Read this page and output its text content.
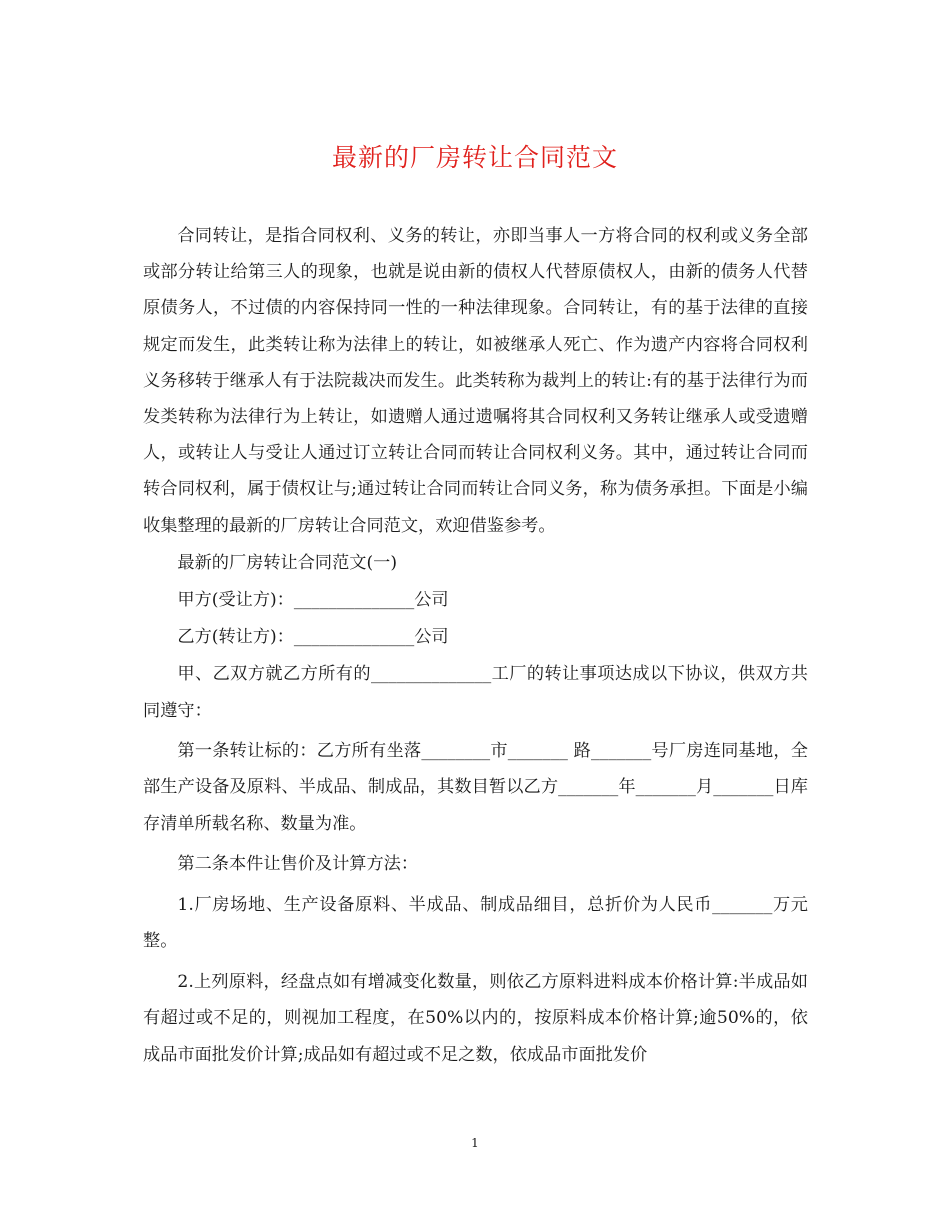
最新的厂房转让合同范文

合同转让，是指合同权利、义务的转让，亦即当事人一方将合同的权利或义务全部或部分转让给第三人的现象，也就是说由新的债权人代替原债权人，由新的债务人代替原债务人，不过债的内容保持同一性的一种法律现象。合同转让，有的基于法律的直接规定而发生，此类转让称为法律上的转让，如被继承人死亡、作为遗产内容将合同权利义务移转于继承人有于法院裁决而发生。此类转称为裁判上的转让:有的基于法律行为而发类转称为法律行为上转让，如遗赠人通过遗嘱将其合同权利又务转让继承人或受遗赠人，或转让人与受让人通过订立转让合同而转让合同权利义务。其中，通过转让合同而转合同权利，属于债权让与;通过转让合同而转让合同义务，称为债务承担。下面是小编收集整理的最新的厂房转让合同范文，欢迎借鉴参考。

最新的厂房转让合同范文(一)

甲方(受让方)：______________公司

乙方(转让方)：______________公司

甲、乙双方就乙方所有的______________工厂的转让事项达成以下协议，供双方共同遵守：

第一条转让标的：乙方所有坐落________市_______ 路_______号厂房连同基地，全部生产设备及原料、半成品、制成品，其数目暂以乙方_______年_______月_______日库存清单所载名称、数量为准。

第二条本件让售价及计算方法：

1.厂房场地、生产设备原料、半成品、制成品细目，总折价为人民币_______万元整。

2.上列原料，经盘点如有增减变化数量，则依乙方原料进料成本价格计算:半成品如有超过或不足的，则视加工程度，在50%以内的，按原料成本价格计算;逾50%的，依成品市面批发价计算;成品如有超过或不足之数，依成品市面批发价

1
